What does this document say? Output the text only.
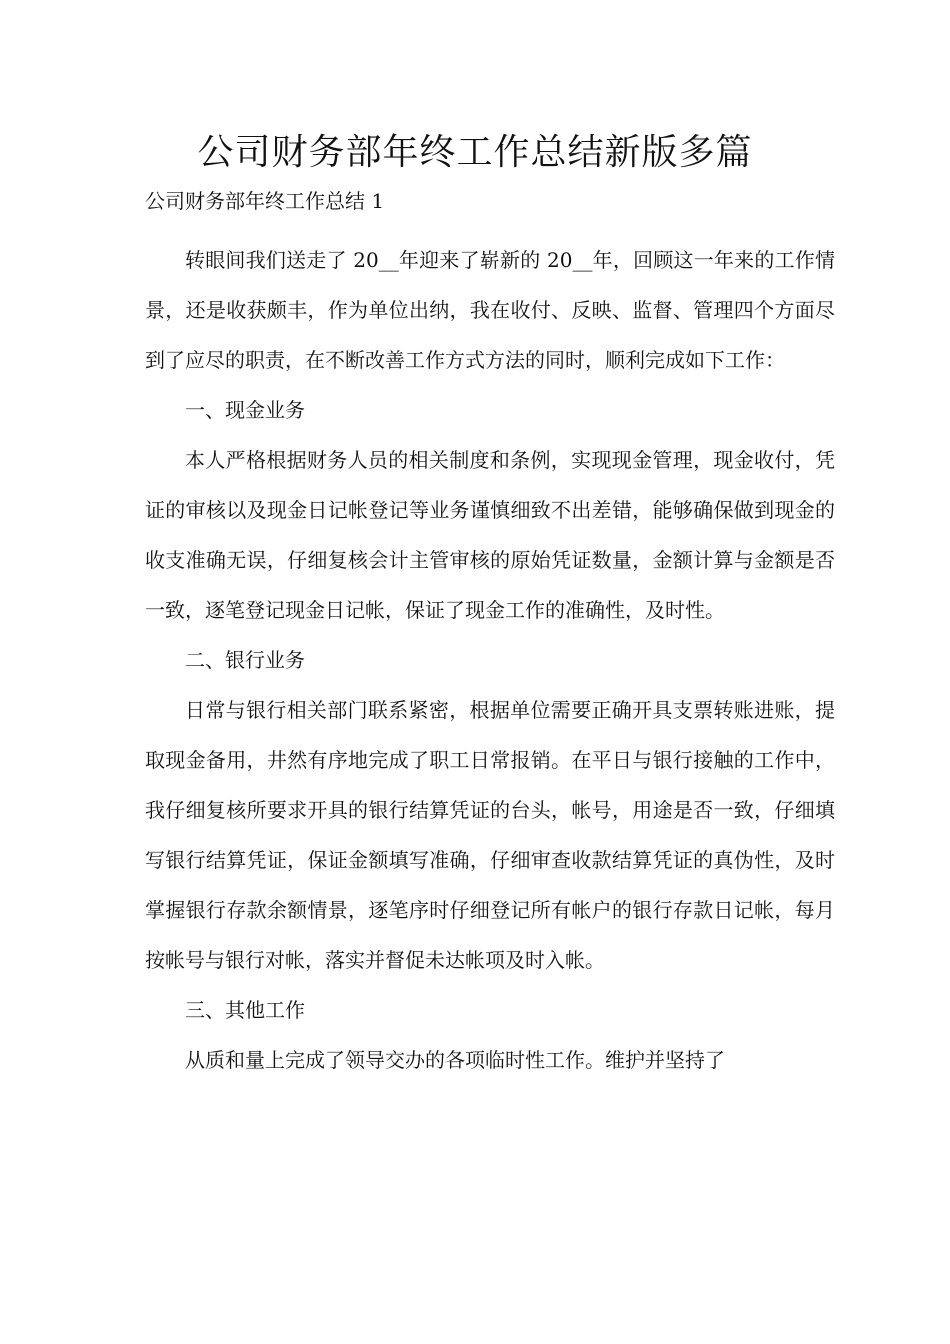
公司财务部年终工作总结新版多篇
公司财务部年终工作总结 1

转眼间我们送走了 20__年迎来了崭新的 20__年，回顾这一年来的工作情景，还是收获颇丰，作为单位出纳，我在收付、反映、监督、管理四个方面尽到了应尽的职责，在不断改善工作方式方法的同时，顺利完成如下工作：

一、现金业务

本人严格根据财务人员的相关制度和条例，实现现金管理，现金收付，凭证的审核以及现金日记帐登记等业务谨慎细致不出差错，能够确保做到现金的收支准确无误，仔细复核会计主管审核的原始凭证数量，金额计算与金额是否一致，逐笔登记现金日记帐，保证了现金工作的准确性，及时性。

二、银行业务

日常与银行相关部门联系紧密，根据单位需要正确开具支票转账进账，提取现金备用，井然有序地完成了职工日常报销。在平日与银行接触的工作中，我仔细复核所要求开具的银行结算凭证的台头，帐号，用途是否一致，仔细填写银行结算凭证，保证金额填写准确，仔细审查收款结算凭证的真伪性，及时掌握银行存款余额情景，逐笔序时仔细登记所有帐户的银行存款日记帐，每月按帐号与银行对帐，落实并督促未达帐项及时入帐。

三、其他工作

从质和量上完成了领导交办的各项临时性工作。维护并坚持了
